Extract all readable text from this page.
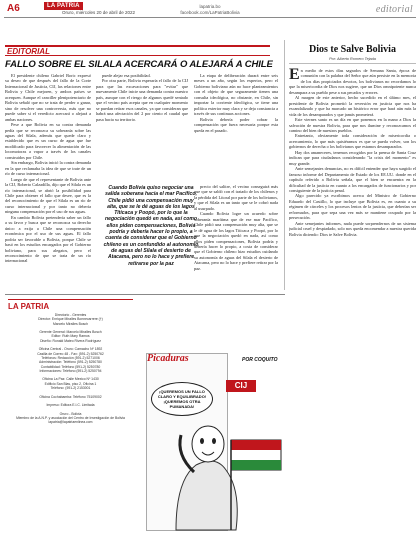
A6	LA PATRIA
Oruro, miércoles 20 de abril de 2022
lapatria.bo
facebook.com/LaPatriaBolivia	editorial
EDITORIAL
FALLO SOBRE EL SILALA ACERCARÁ O ALEJARÁ A CHILE

El presidente chileno Gabriel Boric expresó su deseo de que después del fallo de la Corte Internacional de Justicia, CIJ, las relaciones entre Bolivia y Chile mejoren, y ambos países se acerquen. Aunque el canciller plenipotenciario de Bolivia señaló que no se trata de perder o ganar, sino de resolver una controversia, más que no puede saber si el veredicto acercará o alejará a ambas naciones.

Pese a que Bolivia en su contra demanda pedía que se reconozca su soberanía sobre las aguas del Silala, además que quede claro y establecido que es un curso de agua que fue modificado para favorecer la alimentación de las locomotoras a vapor a través de los canales construidos por Chile.

Sin embargo, Bolivia inició la contra demanda en la que reclamaba la idea de que se trate de un río de curso internacional.

Luego de que el representante de Bolivia ante la CIJ, Roberto Calzadilla, dijo que el Silala es un río internacional, se abrió la posibilidad para Chile para obtener el fallo que desee, que es la del reconocimiento de que el Silala es un río de curso internacional y por tanto no debería ninguna compensación por el uso de sus aguas.

En cambio Bolivia pretendería saber un fallo a su favor y busca que se reconozca su derecho único a exija a Chile una compensación económica por el uso de sus aguas. El fallo podría ser favorable a Bolivia, porque Chile se basó en los estudios encargados por el Gobierno boliviano, para sus alegatos, pero el reconocimiento de que se trata de un río internacional

puede alejar esa posibilidad.

Por otra parte, Bolivia esperaría el fallo de la CIJ para que las excavaciones para "evitar" que nuevamente Chile inicie una demanda contra nuestro país, aunque con el riesgo de algunos quedé sentado que el vecino país acepta que en cualquier momento se puedan retirar esos canales, ya que consideran que habrá una afectación del 2 por ciento el caudal que pasa hacia su territorio.

Cuando Bolivia quiso negociar una salida soberana hacia el mar Pacífico, Chile pidió una compensación muy alta, que se le dé aguas de los lagos Titicaca y Poopó, por lo que la negociación quedó en nada, así como ellos piden compensaciones, Bolivia podría y debería hacer lo propio, a cuenta de considerar que el Gobierno chileno es un confundido al autonomio de aguas del Silala el desierto de Atacama, pero no lo hace y prefiere retirarse por la paz

La etapa de deliberación durará entre seis meses a un año, según los expertos, pero el Gobierno boliviano aún no hace planteamientos con el objeto de que seguramente tienen una consulta ideológica, no obstante, en Chile, sin importar la corriente ideológica, se tiene una política exterior muy clara y se deja constancia a través de sus continuas acciones.

Bolivia debería poder cobrar la compensación que fuera necesaria porque esta queda en el pasado.

precio del salitre, el vecino conseguirá más que que se saldó con el tratado de los chilenos y la pérdida del Litoral por parte de los bolivianos, y que el Silala es un tanto que se le cobró nada al usurpado.

Cuando Bolivia logre un acuerdo sobre soberanía marítima que de ese mar Pacífico, Chile pidió una compensación muy alta, que se le dé agua de los lagos Titicaca y Poopó, por lo que la negociación quedó en nada, así como ellos piden compensaciones, Bolivia podría y debería hacer lo propio, a costa de considerar que el Gobierno chileno hizo estudios cuidando su autonomía de aguas del Silala el desierto de Atacama, pero no lo hace y prefiere retirar por la paz.

Dios te Salve Bolivia
Por: Alberto Romero Tejada

En medio de estos días sagrados de Semana Santa, época de comunión con la palabra del Señor que aún persiste en la memoria de los días propiciados devotos, los bolivianos no recordamos lo que la misericordia de Dios nos sugiere, que un Dios omnipotente nunca desampara a su pueblo pese a sus pecados y errores.

Al margen de este anterior, hecho sucedido en el último mes, el presidente de Bolivia prometió la reversión en justicia que nos ha escandalizado y que ha marcado un histórico error que hará aún más la vida de los desamparados y que jamás prometerá.

Este viernes santo es un día en que ponemos en la mano a Dios la salvación de nuestra Bolivia, para que nos ilumine y reconozcamos el camino del bien de nuestros pueblos.

Entretanto, obviamente toda consideración de misericordia o acercamiento, lo que más quisiéramos es que se pueda volver, son los gobiernos de derecha o los bolivianos que estamos desamparados.

Hay dos amaneceres, tenemos recogidos por la prensa de Santa Cruz indican que para ciudadanos considerando "la crisis del momento" es muy grande.

Ante semejantes denuncias, no es difícil entender que haya surgido el famoso informe del Departamento de Estado de los EE.UU. donde en el capítulo referido a Bolivia señala, que el bien se encuentra en la dificultad de la justicia en cuanto a los encargados de funcionarios y por consiguiente de la justicia penal.

Algo parecido ya escribimos acerca del Ministro de Gobierno Eduardo del Castillo, lo que incluye que Bolivia es, en cuanto a su régimen de cárceles y los procesos lentos de la justicia, que deberían ser reformados, para que sepa una vez más se mantiene ocupado por la persecución.

Ante semejantes informes, nada puede sorprendernos de un sistema judicial cruel y despiadado, solo nos queda encomendar a nuestra querida Bolivia diciendo: Dios te Salve Bolivia.

LA PATRIA
Directorio - Gerentes
Director: Enrique Miralles Bonnecarrere (†)
Marcelo Miralles Bosch

Gerente General: Marcelo Miralles Bosch
Editor: Ruth Mary Ramos
Diseño: Ronald Mateo Rivera Rodríguez

Oficina Central - Oruro: Camacho Nº 1892
Casilla de Correo 48 - Fax: (591-2) 5250762
Teléfonos: Redacción (591-2) 5271006
Administración: Teléfono (591-2) 5250780
Contabilidad: Teléfono (591-2) 5250780
Informaciones: Teléfono (591-2) 5250794

Oficina La Paz: Calle Mexico Nº 1430
Edificio San Blas, piso 2, Oficina 1
Teléfono: (591-2) 2153001

Oficina Cochabamba: Teléfono 75109002

Impreso: Editora E.I.C. Limitada

Oruro - Bolivia
Miembro de la A.N.P. y asociación del Centro de Investigación de Bolivia
lapatria@lapatriaenlinea.com
Picaduras	POR COQUITO
¡QUEREMOS UN FALLO CLARO Y EQUILIBRADO! ¡QUEREMOS OTRA PUMANADA!
CIJ
